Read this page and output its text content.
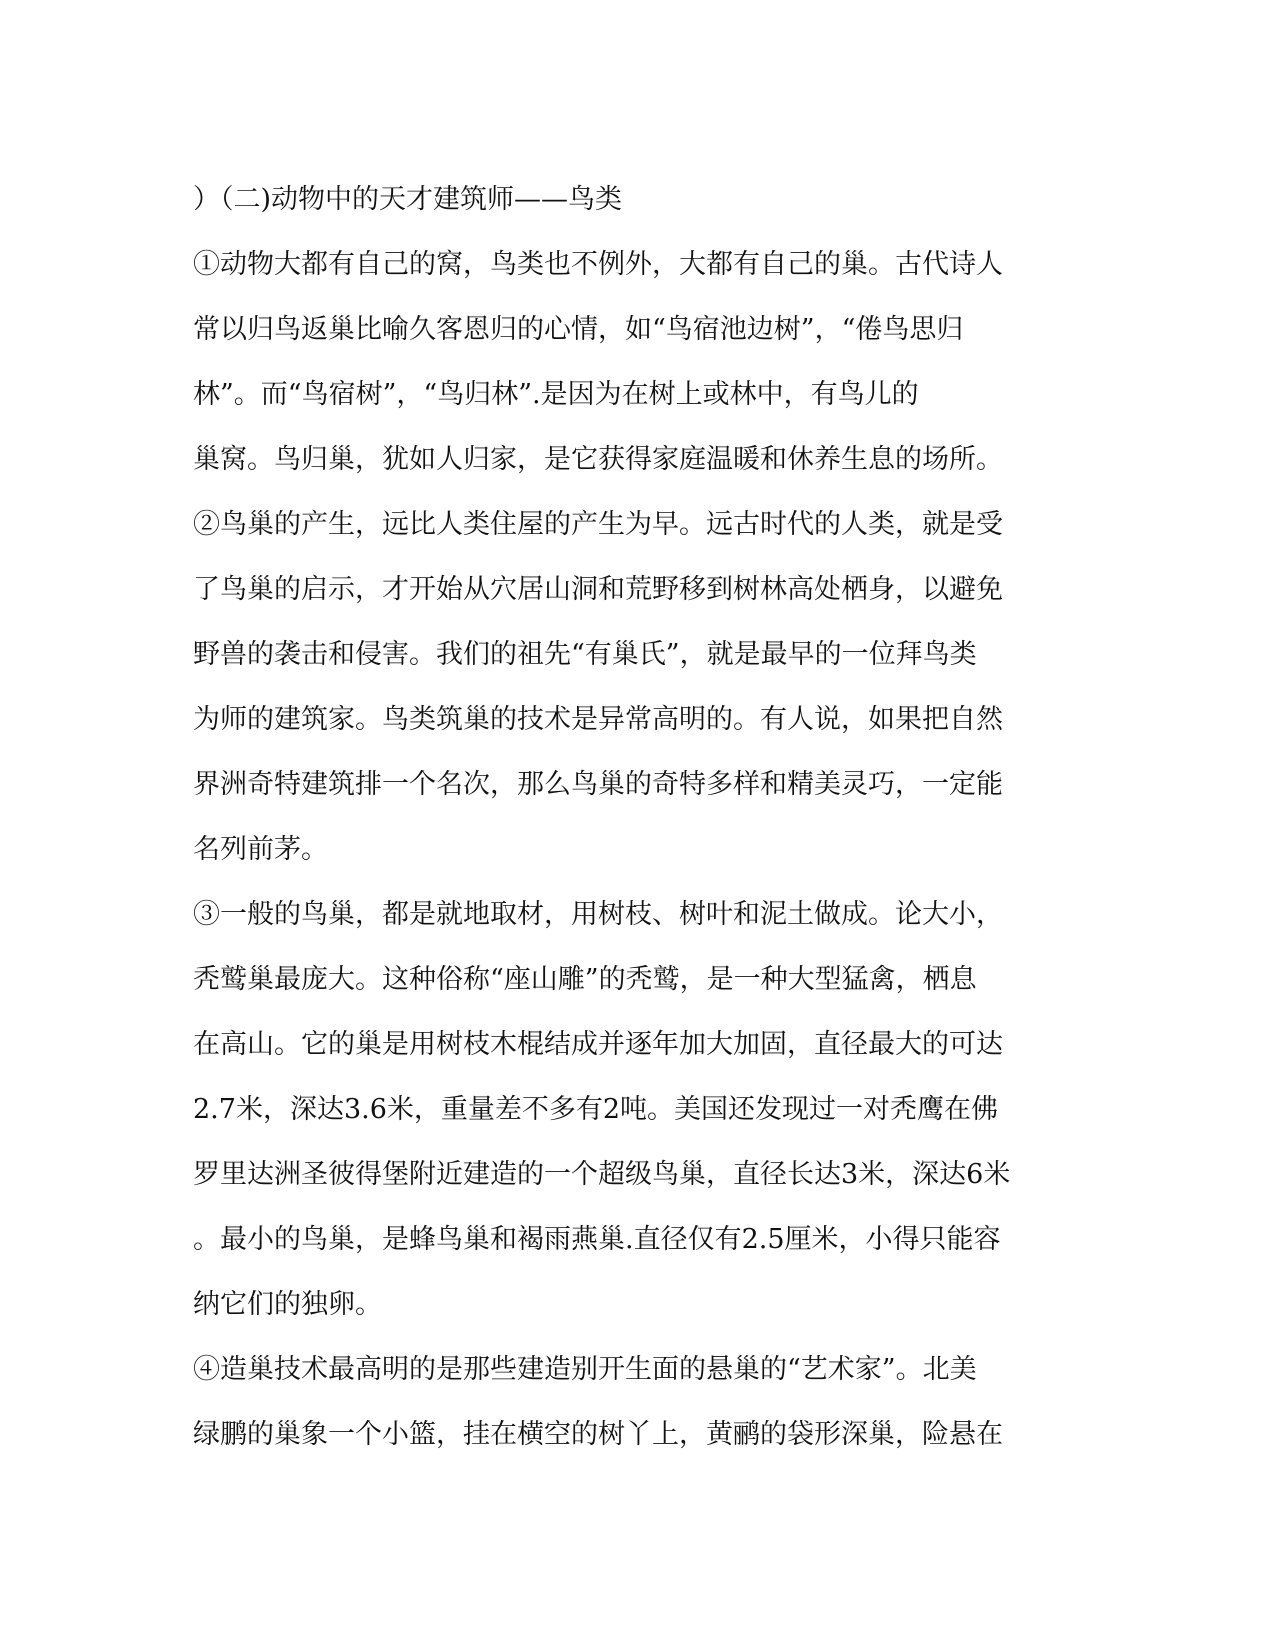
）（二)动物中的天才建筑师——鸟类
①动物大都有自己的窝，鸟类也不例外，大都有自己的巢。古代诗人
常以归鸟返巢比喻久客恩归的心情，如“鸟宿池边树”，“倦鸟思归
林”。而“鸟宿树”，“鸟归林”.是因为在树上或林中，有鸟儿的
巢窝。鸟归巢，犹如人归家，是它获得家庭温暖和休养生息的场所。
②鸟巢的产生，远比人类住屋的产生为早。远古时代的人类，就是受
了鸟巢的启示，才开始从穴居山洞和荒野移到树林高处栖身，以避免
野兽的袭击和侵害。我们的祖先“有巢氏”，就是最早的一位拜鸟类
为师的建筑家。鸟类筑巢的技术是异常高明的。有人说，如果把自然
界洲奇特建筑排一个名次，那么鸟巢的奇特多样和精美灵巧，一定能
名列前茅。
③一般的鸟巢，都是就地取材，用树枝、树叶和泥土做成。论大小，
秃鹫巢最庞大。这种俗称“座山雕”的秃鹫，是一种大型猛禽，栖息
在高山。它的巢是用树枝木棍结成并逐年加大加固，直径最大的可达
2.7米，深达3.6米，重量差不多有2吨。美国还发现过一对秃鹰在佛
罗里达洲圣彼得堡附近建造的一个超级鸟巢，直径长达3米，深达6米
。最小的鸟巢，是蜂鸟巢和褐雨燕巢.直径仅有2.5厘米，小得只能容
纳它们的独卵。
④造巢技术最高明的是那些建造别开生面的悬巢的“艺术家”。北美
绿鹏的巢象一个小篮，挂在横空的树丫上，黄鹂的袋形深巢，险悬在
